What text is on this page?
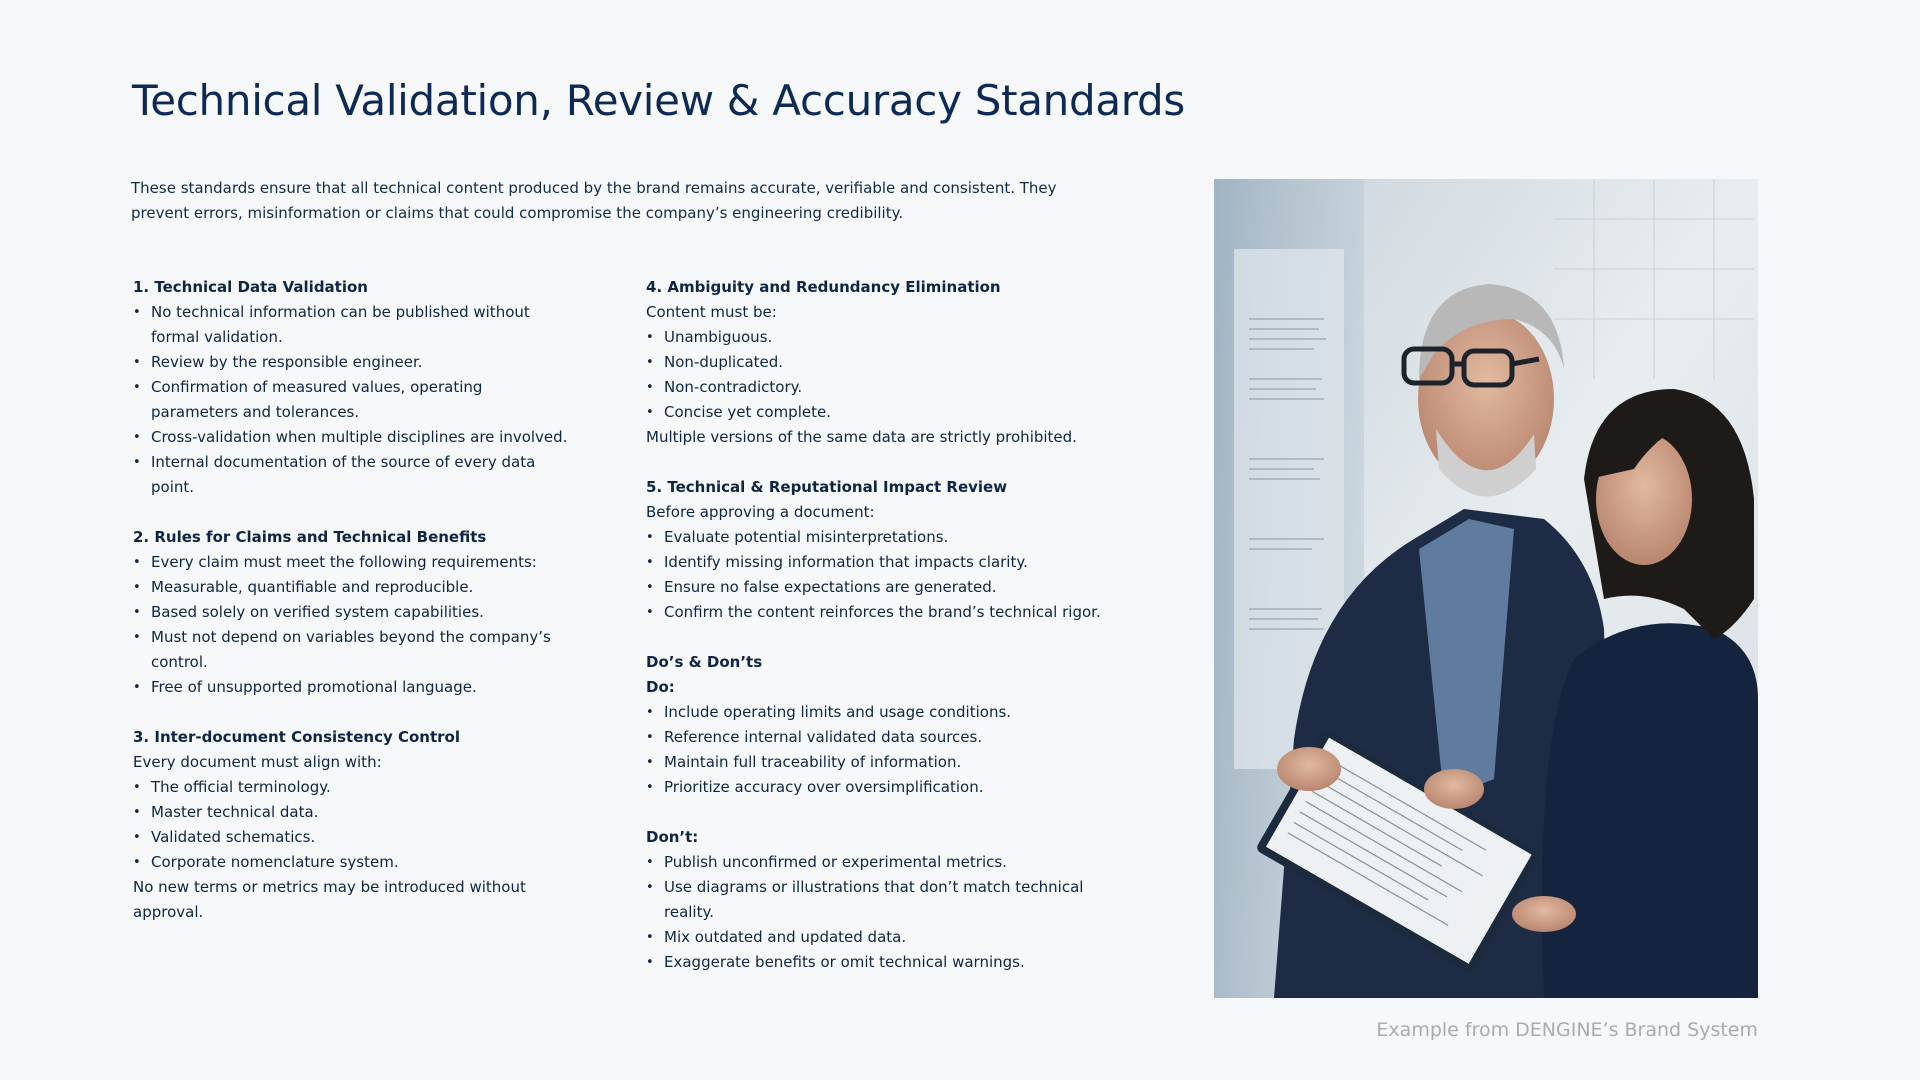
Technical Validation, Review & Accuracy Standards

These standards ensure that all technical content produced by the brand remains accurate, verifiable and consistent. They prevent errors, misinformation or claims that could compromise the company’s engineering credibility.

1. Technical Data Validation
• No technical information can be published without formal validation.
• Review by the responsible engineer.
• Confirmation of measured values, operating parameters and tolerances.
• Cross-validation when multiple disciplines are involved.
• Internal documentation of the source of every data point.
2. Rules for Claims and Technical Benefits
• Every claim must meet the following requirements:
• Measurable, quantifiable and reproducible.
• Based solely on verified system capabilities.
• Must not depend on variables beyond the company’s control.
• Free of unsupported promotional language.
3. Inter-document Consistency Control
Every document must align with:
• The official terminology.
• Master technical data.
• Validated schematics.
• Corporate nomenclature system.
No new terms or metrics may be introduced without approval.
4. Ambiguity and Redundancy Elimination
Content must be:
• Unambiguous.
• Non-duplicated.
• Non-contradictory.
• Concise yet complete.
Multiple versions of the same data are strictly prohibited.
5. Technical & Reputational Impact Review
Before approving a document:
• Evaluate potential misinterpretations.
• Identify missing information that impacts clarity.
• Ensure no false expectations are generated.
• Confirm the content reinforces the brand’s technical rigor.
Do’s & Don’ts
Do:
• Include operating limits and usage conditions.
• Reference internal validated data sources.
• Maintain full traceability of information.
• Prioritize accuracy over oversimplification.
Don’t:
• Publish unconfirmed or experimental metrics.
• Use diagrams or illustrations that don’t match technical reality.
• Mix outdated and updated data.
• Exaggerate benefits or omit technical warnings.
Example from DENGINE’s Brand System
